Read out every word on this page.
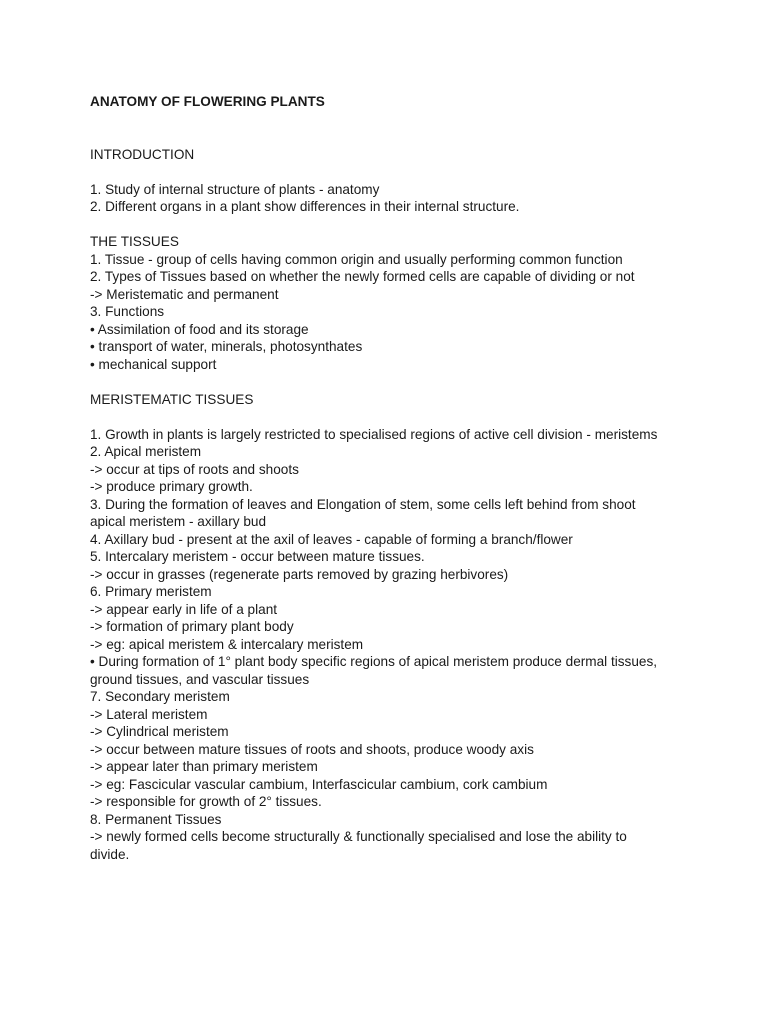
ANATOMY OF FLOWERING PLANTS
INTRODUCTION
1. Study of internal structure of plants - anatomy
2. Different organs in a plant show differences in their internal structure.
THE TISSUES
1. Tissue - group of cells having common origin and usually performing common function
2. Types of Tissues based on whether the newly formed cells are capable of dividing or not
-> Meristematic and permanent
3. Functions
• Assimilation of food and its storage
• transport of water, minerals, photosynthates
• mechanical support
MERISTEMATIC TISSUES
1. Growth in plants is largely restricted to specialised regions of active cell division - meristems
2. Apical meristem
-> occur at tips of roots and shoots
-> produce primary growth.
3. During the formation of leaves and Elongation of stem, some cells left behind from shoot
apical meristem - axillary bud
4. Axillary bud - present at the axil of leaves - capable of forming a branch/flower
5. Intercalary meristem - occur between mature tissues.
-> occur in grasses (regenerate parts removed by grazing herbivores)
6. Primary meristem
-> appear early in life of a plant
-> formation of primary plant body
-> eg: apical meristem & intercalary meristem
• During formation of 1° plant body specific regions of apical meristem produce dermal tissues,
ground tissues, and vascular tissues
7. Secondary meristem
-> Lateral meristem
-> Cylindrical meristem
-> occur between mature tissues of roots and shoots, produce woody axis
-> appear later than primary meristem
-> eg: Fascicular vascular cambium, Interfascicular cambium, cork cambium
-> responsible for growth of 2° tissues.
8. Permanent Tissues
-> newly formed cells become structurally & functionally specialised and lose the ability to
divide.
